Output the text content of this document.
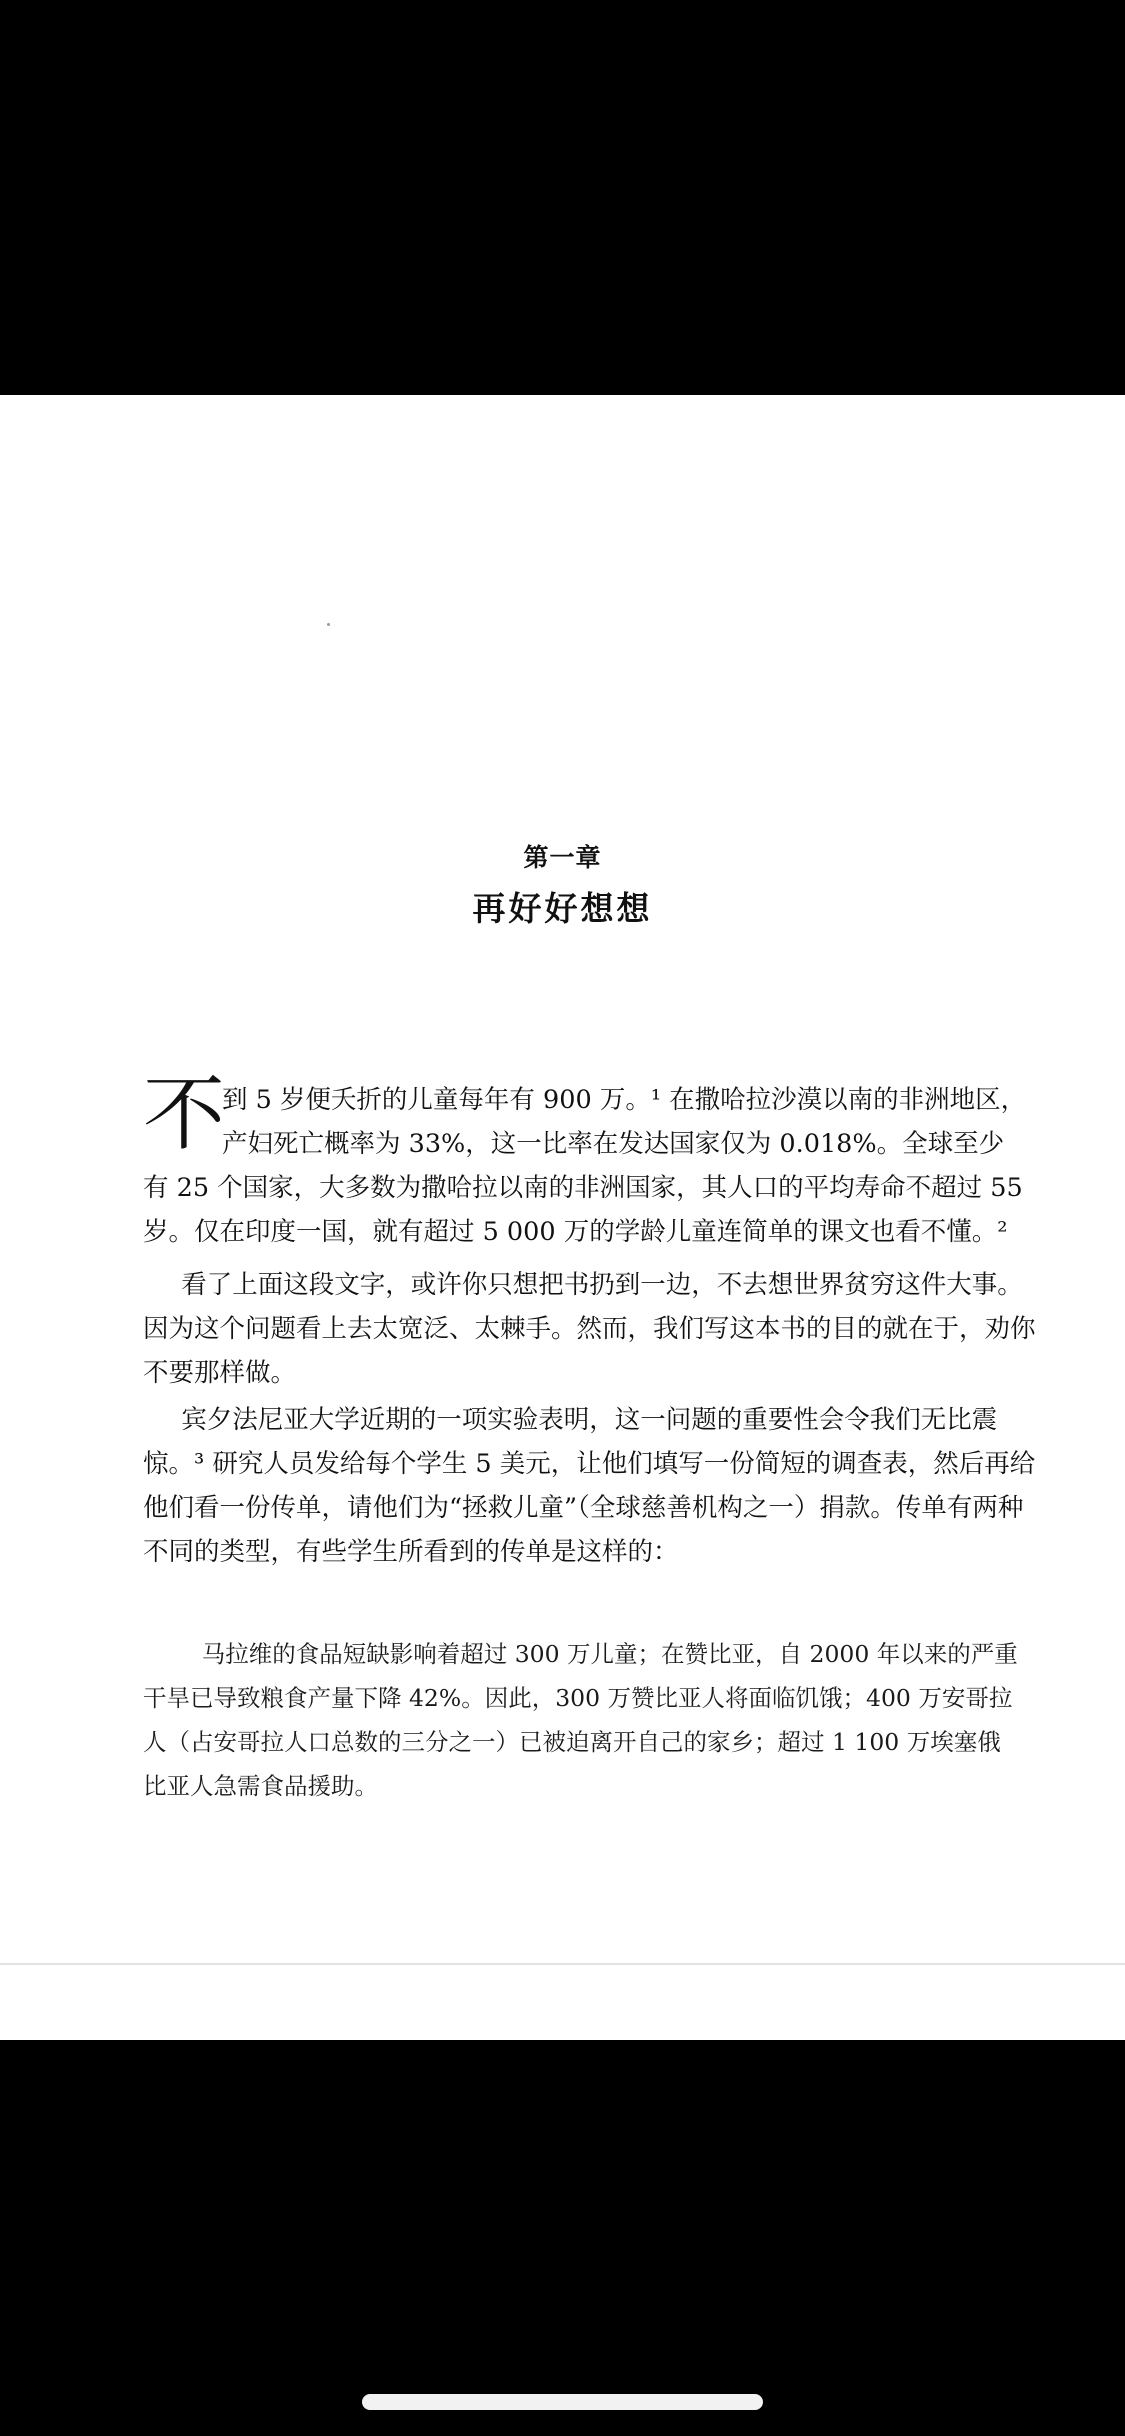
第一章
再好好想想
不

到 5 岁便夭折的儿童每年有 900 万。¹ 在撒哈拉沙漠以南的非洲地区，
产妇死亡概率为 33%，这一比率在发达国家仅为 0.018%。全球至少

有 25 个国家，大多数为撒哈拉以南的非洲国家，其人口的平均寿命不超过 55 岁。仅在印度一国，就有超过 5 000 万的学龄儿童连简单的课文也看不懂。²

  看了上面这段文字，或许你只想把书扔到一边，不去想世界贫穷这件大事。因为这个问题看上去太宽泛、太棘手。然而，我们写这本书的目的就在于，劝你不要那样做。

  宾夕法尼亚大学近期的一项实验表明，这一问题的重要性会令我们无比震惊。³ 研究人员发给每个学生 5 美元，让他们填写一份简短的调查表，然后再给他们看一份传单，请他们为“拯救儿童”（全球慈善机构之一）捐款。传单有两种不同的类型，有些学生所看到的传单是这样的：

   马拉维的食品短缺影响着超过 300 万儿童；在赞比亚，自 2000 年以来的严重干旱已导致粮食产量下降 42%。因此，300 万赞比亚人将面临饥饿；400 万安哥拉人（占安哥拉人口总数的三分之一）已被迫离开自己的家乡；超过 1 100 万埃塞俄比亚人急需食品援助。
